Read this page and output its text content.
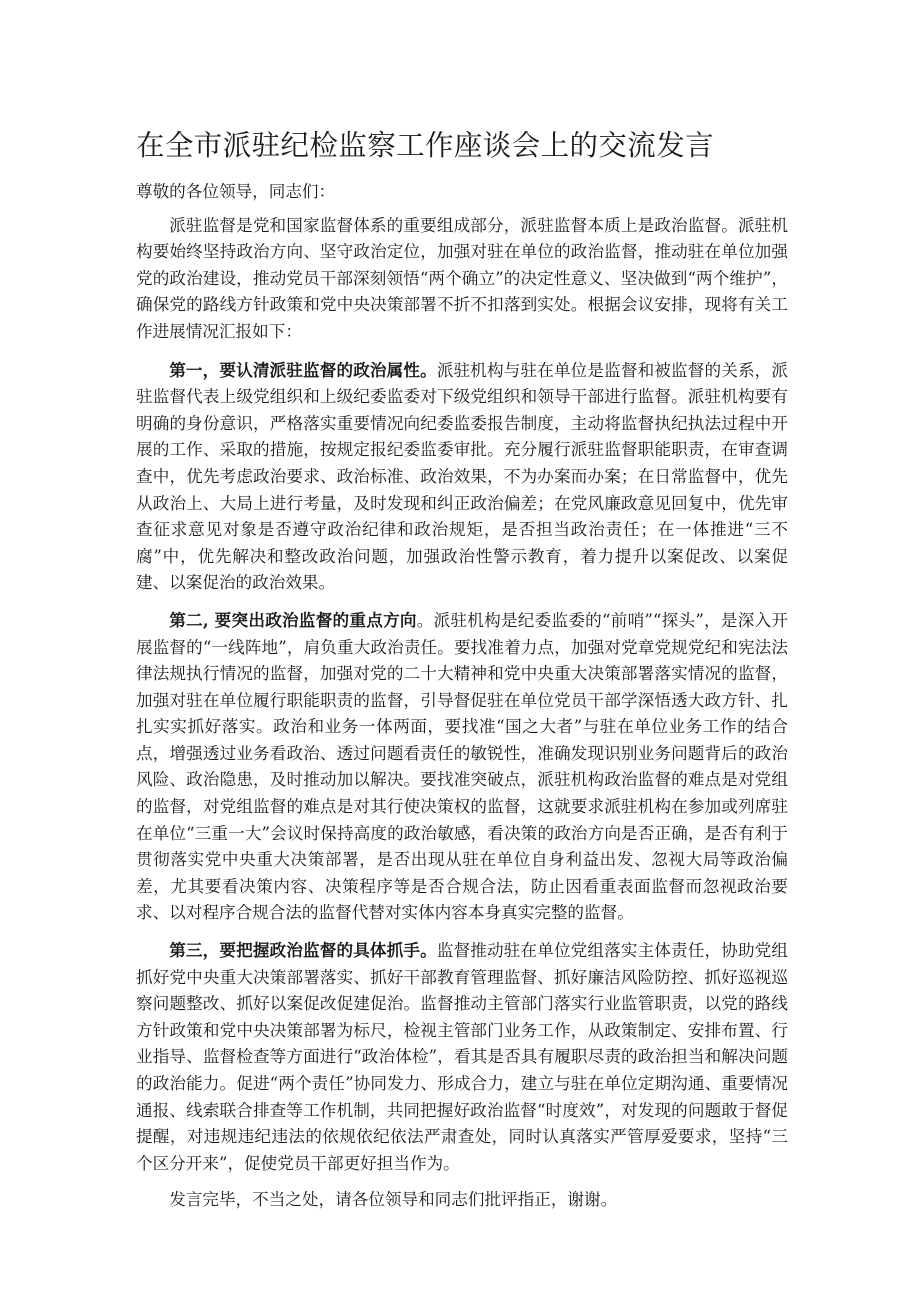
在全市派驻纪检监察工作座谈会上的交流发言

尊敬的各位领导，同志们：

派驻监督是党和国家监督体系的重要组成部分，派驻监督本质上是政治监督。派驻机构要始终坚持政治方向、坚守政治定位，加强对驻在单位的政治监督，推动驻在单位加强党的政治建设，推动党员干部深刻领悟“两个确立”的决定性意义、坚决做到“两个维护”，确保党的路线方针政策和党中央决策部署不折不扣落到实处。根据会议安排，现将有关工作进展情况汇报如下：

第一，要认清派驻监督的政治属性。派驻机构与驻在单位是监督和被监督的关系，派驻监督代表上级党组织和上级纪委监委对下级党组织和领导干部进行监督。派驻机构要有明确的身份意识，严格落实重要情况向纪委监委报告制度，主动将监督执纪执法过程中开展的工作、采取的措施，按规定报纪委监委审批。充分履行派驻监督职能职责，在审查调查中，优先考虑政治要求、政治标准、政治效果，不为办案而办案；在日常监督中，优先从政治上、大局上进行考量，及时发现和纠正政治偏差；在党风廉政意见回复中，优先审查征求意见对象是否遵守政治纪律和政治规矩，是否担当政治责任；在一体推进“三不腐”中，优先解决和整改政治问题，加强政治性警示教育，着力提升以案促改、以案促建、以案促治的政治效果。

第二, 要突出政治监督的重点方向。派驻机构是纪委监委的“前哨”“探头”，是深入开展监督的“一线阵地”，肩负重大政治责任。要找准着力点，加强对党章党规党纪和宪法法律法规执行情况的监督，加强对党的二十大精神和党中央重大决策部署落实情况的监督，加强对驻在单位履行职能职责的监督，引导督促驻在单位党员干部学深悟透大政方针、扎扎实实抓好落实。政治和业务一体两面，要找准“国之大者”与驻在单位业务工作的结合点，增强透过业务看政治、透过问题看责任的敏锐性，准确发现识别业务问题背后的政治风险、政治隐患，及时推动加以解决。要找准突破点，派驻机构政治监督的难点是对党组的监督，对党组监督的难点是对其行使决策权的监督，这就要求派驻机构在参加或列席驻在单位“三重一大”会议时保持高度的政治敏感，看决策的政治方向是否正确，是否有利于贯彻落实党中央重大决策部署，是否出现从驻在单位自身利益出发、忽视大局等政治偏差，尤其要看决策内容、决策程序等是否合规合法，防止因看重表面监督而忽视政治要求、以对程序合规合法的监督代替对实体内容本身真实完整的监督。

第三，要把握政治监督的具体抓手。监督推动驻在单位党组落实主体责任，协助党组抓好党中央重大决策部署落实、抓好干部教育管理监督、抓好廉洁风险防控、抓好巡视巡察问题整改、抓好以案促改促建促治。监督推动主管部门落实行业监管职责，以党的路线方针政策和党中央决策部署为标尺，检视主管部门业务工作，从政策制定、安排布置、行业指导、监督检查等方面进行“政治体检”，看其是否具有履职尽责的政治担当和解决问题的政治能力。促进“两个责任”协同发力、形成合力，建立与驻在单位定期沟通、重要情况通报、线索联合排查等工作机制，共同把握好政治监督“时度效”，对发现的问题敢于督促提醒，对违规违纪违法的依规依纪依法严肃查处，同时认真落实严管厚爱要求，坚持“三个区分开来”，促使党员干部更好担当作为。

发言完毕，不当之处，请各位领导和同志们批评指正，谢谢。
